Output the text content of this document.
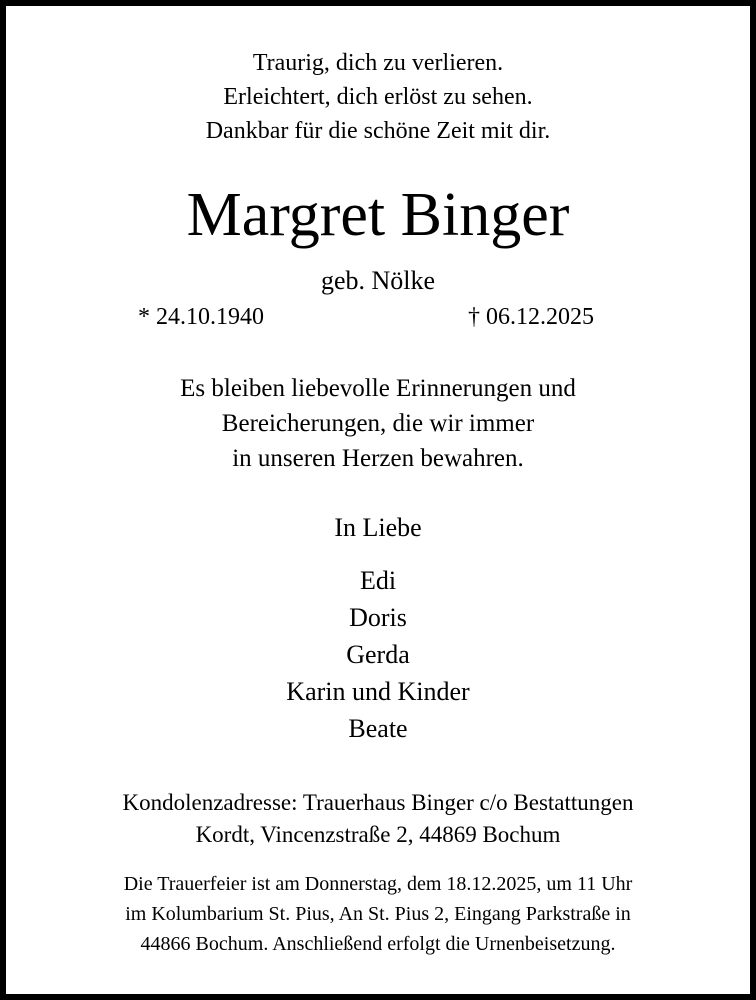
Traurig, dich zu verlieren.
Erleichtert, dich erlöst zu sehen.
Dankbar für die schöne Zeit mit dir.
Margret Binger
geb. Nölke
* 24.10.1940	† 06.12.2025
Es bleiben liebevolle Erinnerungen und
Bereicherungen, die wir immer
in unseren Herzen bewahren.
In Liebe
Edi
Doris
Gerda
Karin und Kinder
Beate
Kondolenzadresse: Trauerhaus Binger c/o Bestattungen
Kordt, Vincenzstraße 2, 44869 Bochum
Die Trauerfeier ist am Donnerstag, dem 18.12.2025, um 11 Uhr
im Kolumbarium St. Pius, An St. Pius 2, Eingang Parkstraße in
44866 Bochum. Anschließend erfolgt die Urnenbeisetzung.
